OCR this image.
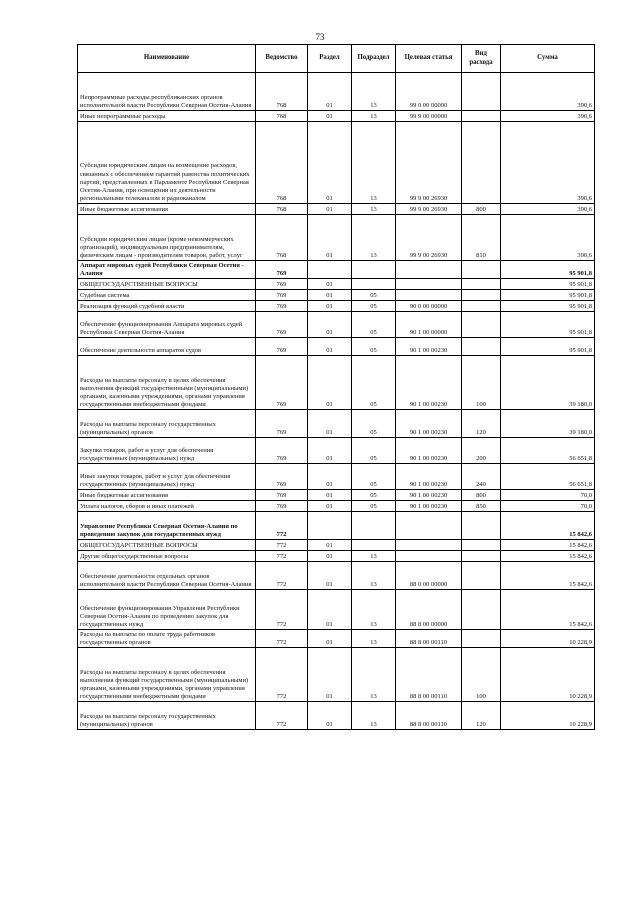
73
Наименование	Ведомство	Раздел	Подраздел	Целевая статья	Вид расхода	Сумма
Непрограммные расходы республиканских органов исполнительной власти Республики Северная Осетия-Алания	768	01	13	99 0 00 00000		390,6
Иные непрограммные расходы	768	01	13	99 9 00 00000		390,6
Субсидии юридическим лицам на возмещение расходов, связанных с обеспечением гарантий равенства политических партий, представленных в Парламенте Республики Северная Осетия-Алания, при освещении их деятельности региональными телеканалом и радиоканалом	768	01	13	99 9 00 26930		390,6
Иные бюджетные ассигнования	768	01	13	99 9 00 26930	800	390,6
Субсидии юридическим лицам (кроме некоммерческих организаций), индивидуальным предпринимателям, физическим лицам - производителям товаров, работ, услуг	768	01	13	99 9 00 26930	810	390,6
Аппарат мировых судей Республики Северная Осетия - Алания	769					95 901,8
ОБЩЕГОСУДАРСТВЕННЫЕ ВОПРОСЫ	769	01				95 901,8
Судебная система	769	01	05			95 901,8
Реализация функций судебной власти	769	01	05	90 0 00 00000		95 901,8
Обеспечение функционирования Аппарата мировых судей Республики Северная Осетия-Алания	769	01	05	90 1 00 00000		95 901,8
Обеспечение деятельности аппаратов судов	769	01	05	90 1 00 00230		95 901,8
Расходы на выплаты персоналу в целях обеспечения выполнения функций государственными (муниципальными) органами, казенными учреждениями, органами управления государственными внебюджетными фондами	769	01	05	90 1 00 00230	100	39 180,0
Расходы на выплаты персоналу государственных (муниципальных) органов	769	01	05	90 1 00 00230	120	39 180,0
Закупка товаров, работ и услуг для обеспечения государственных (муниципальных) нужд	769	01	05	90 1 00 00230	200	56 651,8
Иные закупки товаров, работ и услуг для обеспечения государственных (муниципальных) нужд	769	01	05	90 1 00 00230	240	56 651,8
Иные бюджетные ассигнования	769	01	05	90 1 00 00230	800	70,0
Уплата налогов, сборов и иных платежей	769	01	05	90 1 00 00230	850	70,0
Управление Республики Северная Осетия-Алания по проведению закупок для государственных нужд	772					15 842,6
ОБЩЕГОСУДАРСТВЕННЫЕ ВОПРОСЫ	772	01				15 842,6
Другие общегосударственные вопросы	772	01	13			15 842,6
Обеспечение деятельности отдельных органов исполнительной власти Республики Северная Осетия-Алания	772	01	13	88 0 00 00000		15 842,6
Обеспечение функционирования Управления Республики Северная Осетия-Алания по проведению закупок для государственных нужд	772	01	13	88 8 00 00000		15 842,6
Расходы на выплаты по оплате труда работников государственных органов	772	01	13	88 8 00 00110		10 228,9
Расходы на выплаты персоналу в целях обеспечения выполнения функций государственными (муниципальными) органами, казенными учреждениями, органами управления государственными внебюджетными фондами	772	01	13	88 8 00 00110	100	10 228,9
Расходы на выплаты персоналу государственных (муниципальных) органов	772	01	13	88 8 00 00110	120	10 228,9
